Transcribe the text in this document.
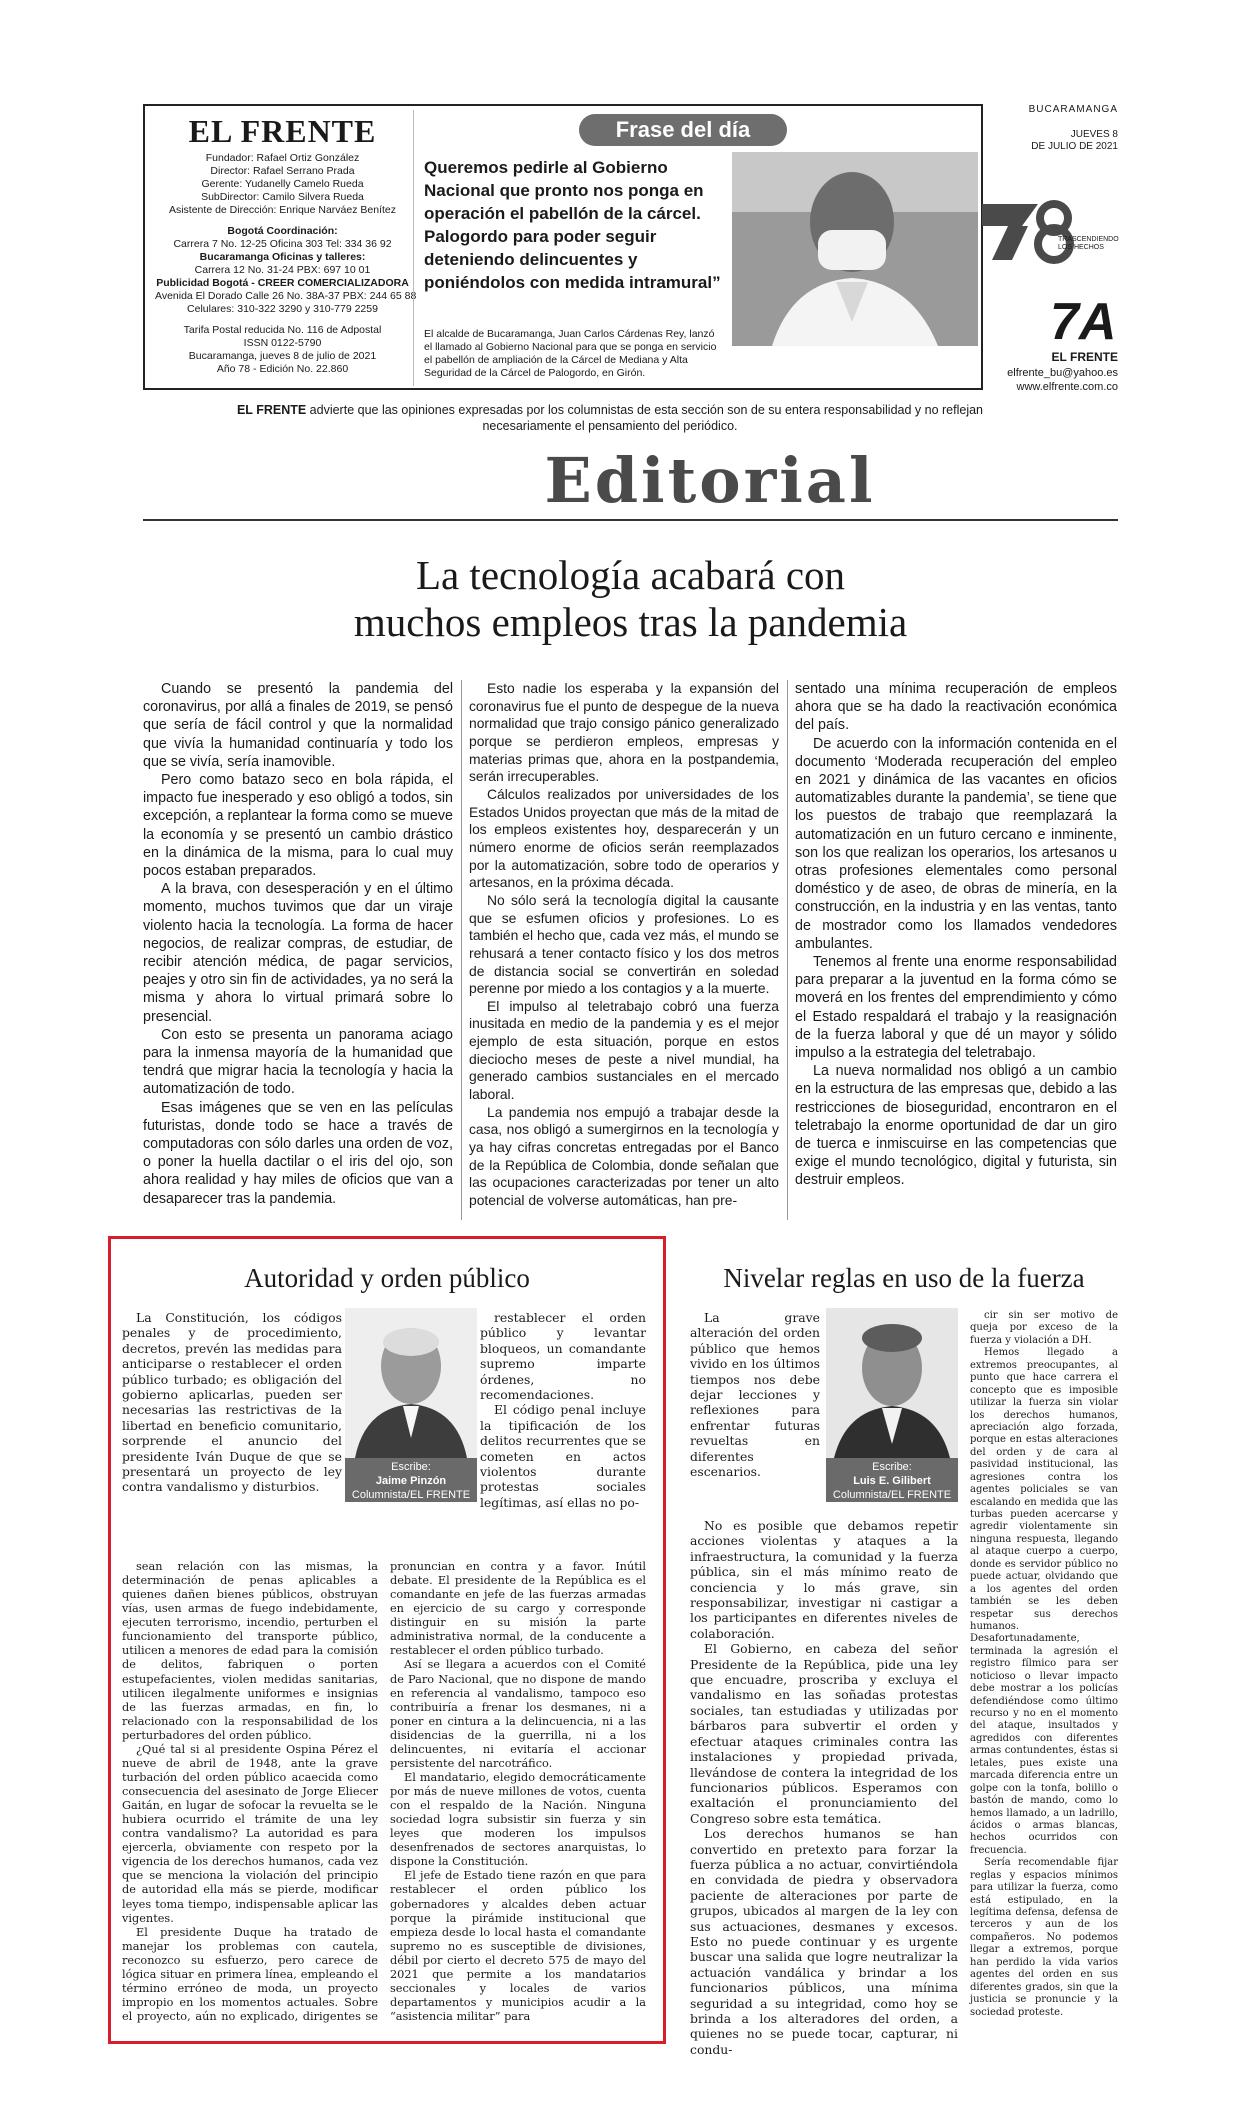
EL FRENTE
Fundador: Rafael Ortiz González
Director: Rafael Serrano Prada
Gerente: Yudanelly Camelo Rueda
SubDirector: Camilo Silvera Rueda
Asistente de Dirección: Enrique Narváez Benítez
Bogotá Coordinación:
Carrera 7 No. 12-25 Oficina 303 Tel: 334 36 92
Bucaramanga Oficinas y talleres:
Carrera 12 No. 31-24 PBX: 697 10 01
Publicidad Bogotá - CREER COMERCIALIZADORA
Avenida El Dorado Calle 26 No. 38A-37 PBX: 244 65 88
Celulares: 310-322 3290 y 310-779 2259
Tarifa Postal reducida No. 116 de Adpostal
ISSN 0122-5790
Bucaramanga, jueves 8 de julio de 2021
Año 78 - Edición No. 22.860
Frase del día
Queremos pedirle al Gobierno Nacional que pronto nos ponga en operación el pabellón de la cárcel. Palogordo para poder seguir deteniendo delincuentes y poniéndolos con medida intramural”
El alcalde de Bucaramanga, Juan Carlos Cárdenas Rey, lanzó el llamado al Gobierno Nacional para que se ponga en servicio el pabellón de ampliación de la Cárcel de Mediana y Alta Seguridad de la Cárcel de Palogordo, en Girón.
BUCARAMANGA
JUEVES 8
DE JULIO DE 2021
TRASCENDIENDO LOS HECHOS
7A
EL FRENTE
elfrente_bu@yahoo.es
www.elfrente.com.co
EL FRENTE advierte que las opiniones expresadas por los columnistas de esta sección son de su entera responsabilidad y no reflejan necesariamente el pensamiento del periódico.
Editorial
La tecnología acabará con
muchos empleos tras la pandemia

Cuando se presentó la pandemia del coronavirus, por allá a finales de 2019, se pensó que sería de fácil control y que la normalidad que vivía la humanidad continuaría y todo los que se vivía, sería inamovible.

Pero como batazo seco en bola rápida, el impacto fue inesperado y eso obligó a todos, sin excepción, a replantear la forma como se mueve la economía y se presentó un cambio drástico en la dinámica de la misma, para lo cual muy pocos estaban preparados.

A la brava, con desesperación y en el último momento, muchos tuvimos que dar un viraje violento hacia la tecnología. La forma de hacer negocios, de realizar compras, de estudiar, de recibir atención médica, de pagar servicios, peajes y otro sin fin de actividades, ya no será la misma y ahora lo virtual primará sobre lo presencial.

Con esto se presenta un panorama aciago para la inmensa mayoría de la humanidad que tendrá que migrar hacia la tecnología y hacia la automatización de todo.

Esas imágenes que se ven en las películas futuristas, donde todo se hace a través de computadoras con sólo darles una orden de voz, o poner la huella dactilar o el iris del ojo, son ahora realidad y hay miles de oficios que van a desaparecer tras la pandemia.

Esto nadie los esperaba y la expansión del coronavirus fue el punto de despegue de la nueva normalidad que trajo consigo pánico generalizado porque se perdieron empleos, empresas y materias primas que, ahora en la postpandemia, serán irrecuperables.

Cálculos realizados por universidades de los Estados Unidos proyectan que más de la mitad de los empleos existentes hoy, desparecerán y un número enorme de oficios serán reemplazados por la automatización, sobre todo de operarios y artesanos, en la próxima década.

No sólo será la tecnología digital la causante que se esfumen oficios y profesiones. Lo es también el hecho que, cada vez más, el mundo se rehusará a tener contacto físico y los dos metros de distancia social se convertirán en soledad perenne por miedo a los contagios y a la muerte.

El impulso al teletrabajo cobró una fuerza inusitada en medio de la pandemia y es el mejor ejemplo de esta situación, porque en estos dieciocho meses de peste a nivel mundial, ha generado cambios sustanciales en el mercado laboral.

La pandemia nos empujó a trabajar desde la casa, nos obligó a sumergirnos en la tecnología y ya hay cifras concretas entregadas por el Banco de la República de Colombia, donde señalan que las ocupaciones caracterizadas por tener un alto potencial de volverse automáticas, han pre-

sentado una mínima recuperación de empleos ahora que se ha dado la reactivación económica del país.

De acuerdo con la información contenida en el documento ‘Moderada recuperación del empleo en 2021 y dinámica de las vacantes en oficios automatizables durante la pandemia’, se tiene que los puestos de trabajo que reemplazará la automatización en un futuro cercano e inminente, son los que realizan los operarios, los artesanos u otras profesiones elementales como personal doméstico y de aseo, de obras de minería, en la construcción, en la industria y en las ventas, tanto de mostrador como los llamados vendedores ambulantes.

Tenemos al frente una enorme responsabilidad para preparar a la juventud en la forma cómo se moverá en los frentes del emprendimiento y cómo el Estado respaldará el trabajo y la reasignación de la fuerza laboral y que dé un mayor y sólido impulso a la estrategia del teletrabajo.

La nueva normalidad nos obligó a un cambio en la estructura de las empresas que, debido a las restricciones de bioseguridad, encontraron en el teletrabajo la enorme oportunidad de dar un giro de tuerca e inmiscuirse en las competencias que exige el mundo tecnológico, digital y futurista, sin destruir empleos.

Autoridad y orden público

La Constitución, los códigos penales y de procedimiento, decretos, prevén las medidas para anticiparse o restablecer el orden público turbado; es obligación del gobierno aplicarlas, pueden ser necesarias las restrictivas de la libertad en beneficio comunitario, sorprende el anuncio del presidente Iván Duque de que se presentará un proyecto de ley contra vandalismo y disturbios.

Escribe:
Jaime Pinzón
Columnista/EL FRENTE

restablecer el orden público y levantar bloqueos, un comandante supremo imparte órdenes, no recomendaciones.

El código penal incluye la tipificación de los delitos recurrentes que se cometen en actos violentos durante protestas sociales legítimas, así ellas no po-

sean relación con las mismas, la determinación de penas aplicables a quienes dañen bienes públicos, obstruyan vías, usen armas de fuego indebidamente, ejecuten terrorismo, incendio, perturben el funcionamiento del transporte público, utilicen a menores de edad para la comisión de delitos, fabriquen o porten estupefacientes, violen medidas sanitarias, utilicen ilegalmente uniformes e insignias de las fuerzas armadas, en fin, lo relacionado con la responsabilidad de los perturbadores del orden público.

¿Qué tal si al presidente Ospina Pérez el nueve de abril de 1948, ante la grave turbación del orden público acaecida como consecuencia del asesinato de Jorge Eliecer Gaitán, en lugar de sofocar la revuelta se le hubiera ocurrido el trámite de una ley contra vandalismo? La autoridad es para ejercerla, obviamente con respeto por la vigencia de los derechos humanos, cada vez que se menciona la violación del principio de autoridad ella más se pierde, modificar leyes toma tiempo, indispensable aplicar las vigentes.

El presidente Duque ha tratado de manejar los problemas con cautela, reconozco su esfuerzo, pero carece de lógica situar en primera línea, empleando el término erróneo de moda, un proyecto impropio en los momentos actuales. Sobre el proyecto, aún no explicado, dirigentes se pronuncian en contra y a favor. Inútil debate. El presidente de la República es el comandante en jefe de las fuerzas armadas en ejercicio de su cargo y corresponde distinguir en su misión la parte administrativa normal, de la conducente a restablecer el orden público turbado.

Así se llegara a acuerdos con el Comité de Paro Nacional, que no dispone de mando en referencia al vandalismo, tampoco eso contribuiría a frenar los desmanes, ni a poner en cintura a la delincuencia, ni a las disidencias de la guerrilla, ni a los delincuentes, ni evitaría el accionar persistente del narcotráfico.

El mandatario, elegido democráticamente por más de nueve millones de votos, cuenta con el respaldo de la Nación. Ninguna sociedad logra subsistir sin fuerza y sin leyes que moderen los impulsos desenfrenados de sectores anarquistas, lo dispone la Constitución.

El jefe de Estado tiene razón en que para restablecer el orden público los gobernadores y alcaldes deben actuar porque la pirámide institucional que empieza desde lo local hasta el comandante supremo no es susceptible de divisiones, débil por cierto el decreto 575 de mayo del 2021 que permite a los mandatarios seccionales y locales de varios departamentos y municipios acudir a la “asistencia militar” para

Nivelar reglas en uso de la fuerza

La grave alteración del orden público que hemos vivido en los últimos tiempos nos debe dejar lecciones y reflexiones para enfrentar futuras revueltas en diferentes escenarios.	Escribe:
Luis E. Gilibert
Columnista/EL FRENTE

No es posible que debamos repetir acciones violentas y ataques a la infraestructura, la comunidad y la fuerza pública, sin el más mínimo reato de conciencia y lo más grave, sin responsabilizar, investigar ni castigar a los participantes en diferentes niveles de colaboración.

El Gobierno, en cabeza del señor Presidente de la República, pide una ley que encuadre, proscriba y excluya el vandalismo en las soñadas protestas sociales, tan estudiadas y utilizadas por bárbaros para subvertir el orden y efectuar ataques criminales contra las instalaciones y propiedad privada, llevándose de contera la integridad de los funcionarios públicos. Esperamos con exaltación el pronunciamiento del Congreso sobre esta temática.

Los derechos humanos se han convertido en pretexto para forzar la fuerza pública a no actuar, convirtiéndola en convidada de piedra y observadora paciente de alteraciones por parte de grupos, ubicados al margen de la ley con sus actuaciones, desmanes y excesos. Esto no puede continuar y es urgente buscar una salida que logre neutralizar la actuación vandálica y brindar a los funcionarios públicos, una mínima seguridad a su integridad, como hoy se brinda a los alteradores del orden, a quienes no se puede tocar, capturar, ni condu-

cir sin ser motivo de queja por exceso de la fuerza y violación a DH.

Hemos llegado a extremos preocupantes, al punto que hace carrera el concepto que es imposible utilizar la fuerza sin violar los derechos humanos, apreciación algo forzada, porque en estas alteraciones del orden y de cara al pasividad institucional, las agresiones contra los agentes policiales se van escalando en medida que las turbas pueden acercarse y agredir violentamente sin ninguna respuesta, llegando al ataque cuerpo a cuerpo, donde es servidor público no puede actuar, olvidando que a los agentes del orden también se les deben respetar sus derechos humanos. Desafortunadamente, terminada la agresión el registro fílmico para ser noticioso o llevar impacto debe mostrar a los policías defendiéndose como último recurso y no en el momento del ataque, insultados y agredidos con diferentes armas contundentes, éstas si letales, pues existe una marcada diferencia entre un golpe con la tonfa, bolillo o bastón de mando, como lo hemos llamado, a un ladrillo, ácidos o armas blancas, hechos ocurridos con frecuencia.

Sería recomendable fijar reglas y espacios mínimos para utilizar la fuerza, como está estipulado, en la legítima defensa, defensa de terceros y aun de los compañeros. No podemos llegar a extremos, porque han perdido la vida varios agentes del orden en sus diferentes grados, sin que la justicia se pronuncie y la sociedad proteste.
